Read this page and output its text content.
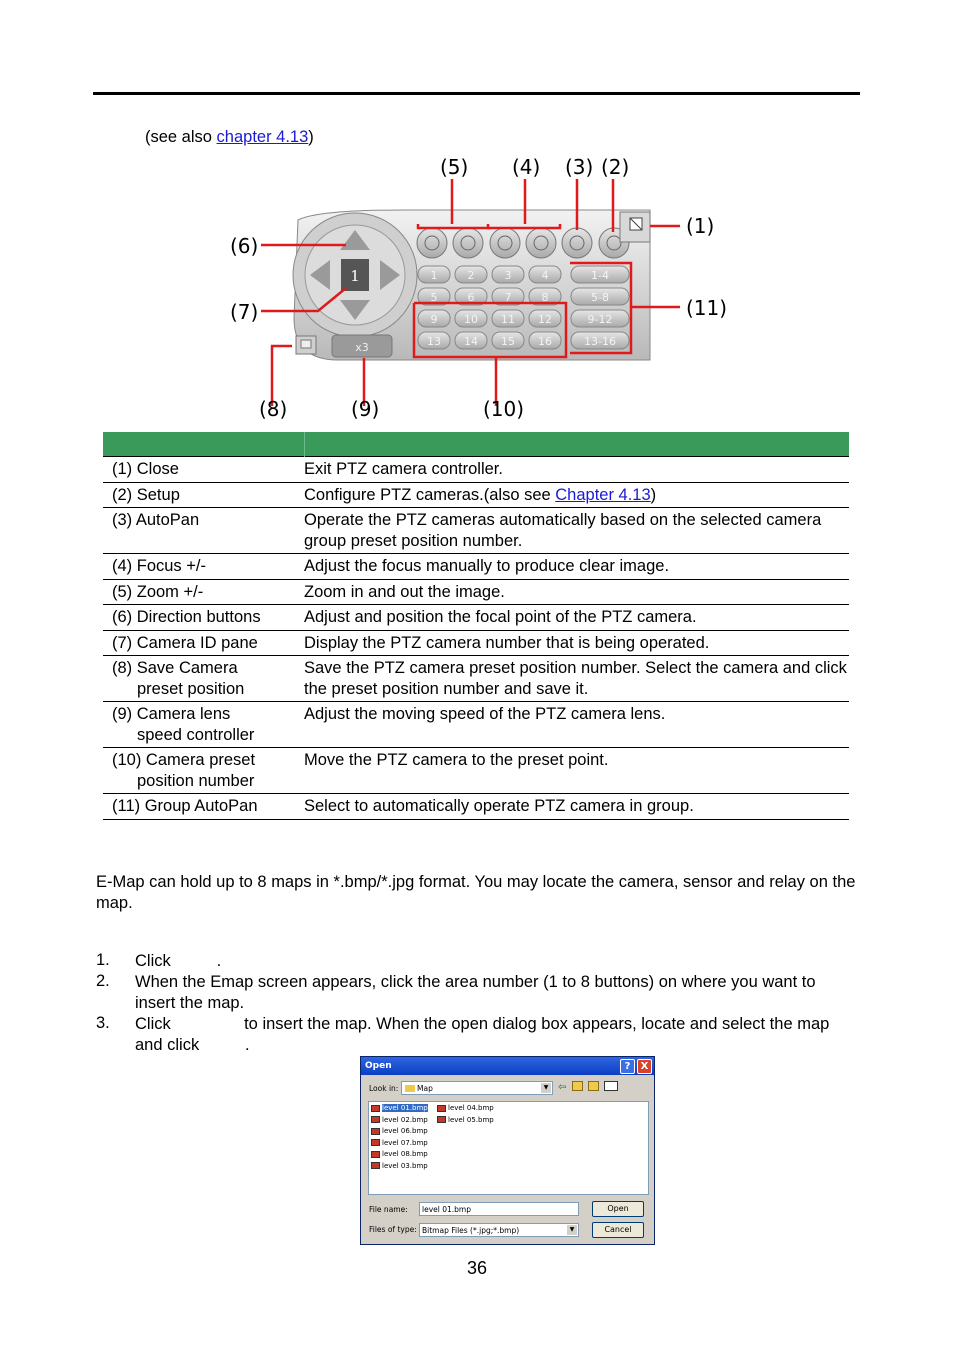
(see also chapter 4.13)
1
x3
1	2	3	4
5	6	7	8
9 10 11 12
13 14 15 16
1-4
5-8
9-12
13-16
(5) (4) (3) (2)
(1)
(6)
(7)	(11)
(8)	(9)	(10)

(1) Close	Exit PTZ camera controller.
(2) Setup	Configure PTZ cameras.(also see Chapter 4.13)
(3) AutoPan	Operate the PTZ cameras automatically based on the selected camera group preset position number.
(4) Focus +/-	Adjust the focus manually to produce clear image.
(5) Zoom +/-	Zoom in and out the image.
(6) Direction buttons	Adjust and position the focal point of the PTZ camera.
(7) Camera ID pane	Display the PTZ camera number that is being operated.
(8) Save Camera
preset position	Save the PTZ camera preset position number. Select the camera and click the preset position number and save it.
(9) Camera lens
speed controller	Adjust the moving speed of the PTZ camera lens.
(10) Camera preset
position number	Move the PTZ camera to the preset point.
(11) Group AutoPan	Select to automatically operate PTZ camera in group.
E-Map can hold up to 8 maps in *.bmp/*.jpg format. You may locate the camera, sensor and relay on the map.
1. Click          .
2. When the Emap screen appears, click the area number (1 to 8 buttons) on where you want to insert the map.
3. Click                to insert the map. When the open dialog box appears, locate and select the map and click          .
Open	?	X
Look in:	Map	▼ ⇦
level 01.bmp
level 02.bmp
level 06.bmp
level 07.bmp
level 08.bmp
level 03.bmp
level 04.bmp
level 05.bmp
File name:	level 01.bmp
Files of type: Bitmap Files (*.jpg;*.bmp)	▼
Open
Cancel
36
